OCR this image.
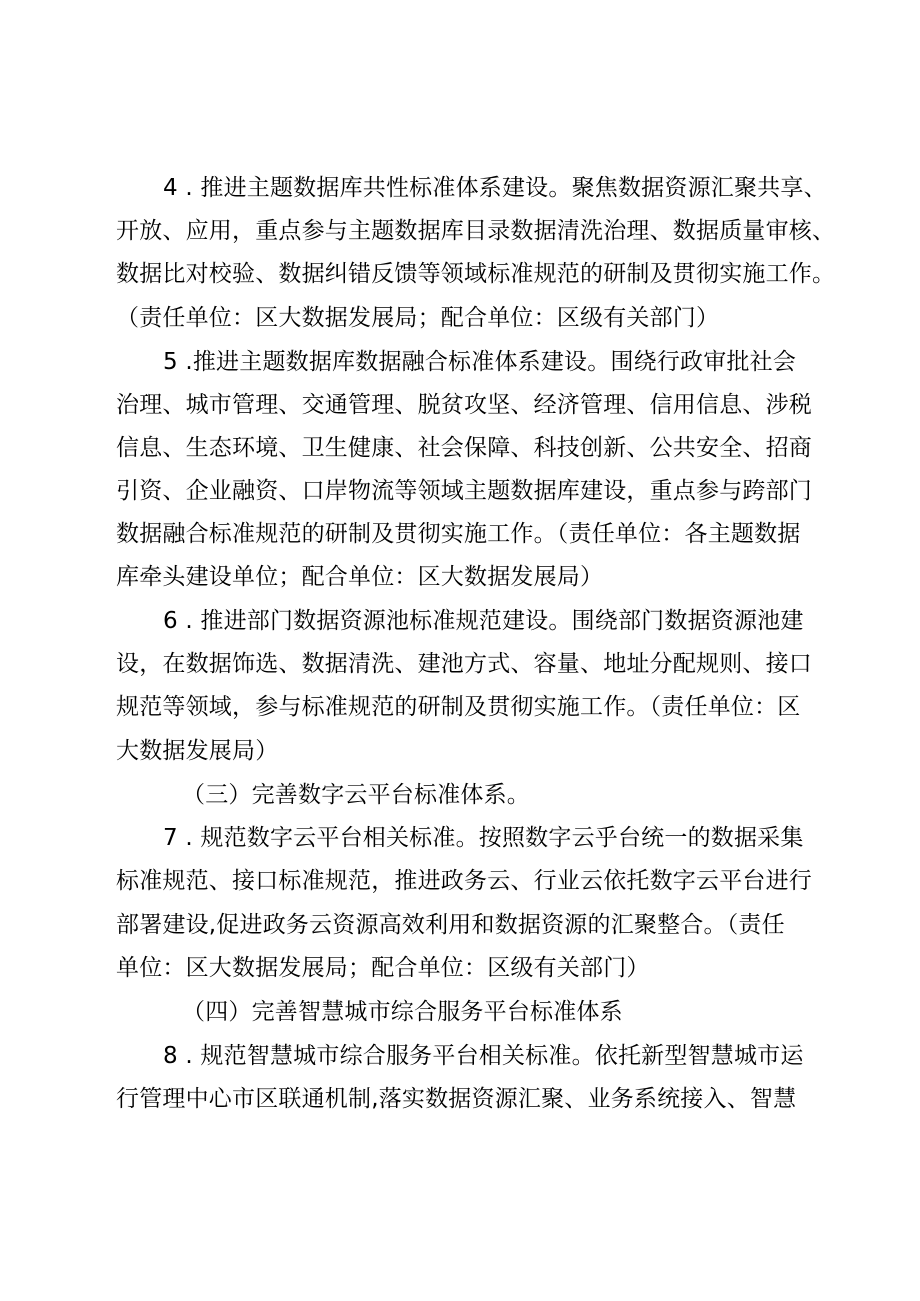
4 . 推进主题数据库共性标准体系建设。聚焦数据资源汇聚共享、
开放、应用，重点参与主题数据库目录数据清洗治理、数据质量审核、
数据比对校验、数据纠错反馈等领域标准规范的研制及贯彻实施工作。
（责任单位：区大数据发展局；配合单位：区级有关部门）
5 .推进主题数据库数据融合标准体系建设。围绕行政审批社会
治理、城市管理、交通管理、脱贫攻坚、经济管理、信用信息、涉税
信息、生态环境、卫生健康、社会保障、科技创新、公共安全、招商
引资、企业融资、口岸物流等领域主题数据库建设，重点参与跨部门
数据融合标准规范的研制及贯彻实施工作。（责任单位：各主题数据
库牵头建设单位；配合单位：区大数据发展局）
6 . 推进部门数据资源池标准规范建设。围绕部门数据资源池建
设，在数据饰选、数据清洗、建池方式、容量、地址分配规则、接口
规范等领域，参与标准规范的研制及贯彻实施工作。（责任单位：区
大数据发展局）
（三）完善数字云平台标准体系。
7 . 规范数字云平台相关标准。按照数字云乎台统一的数据采集
标准规范、接口标准规范，推进政务云、行业云依托数字云平台进行
部署建设,促进政务云资源高效利用和数据资源的汇聚整合。（责任
单位：区大数据发展局；配合单位：区级有关部门）
（四）完善智慧城市综合服务平台标准体系
8 . 规范智慧城市综合服务平台相关标准。依托新型智慧城市运
行管理中心市区联通机制,落实数据资源汇聚、业务系统接入、智慧
